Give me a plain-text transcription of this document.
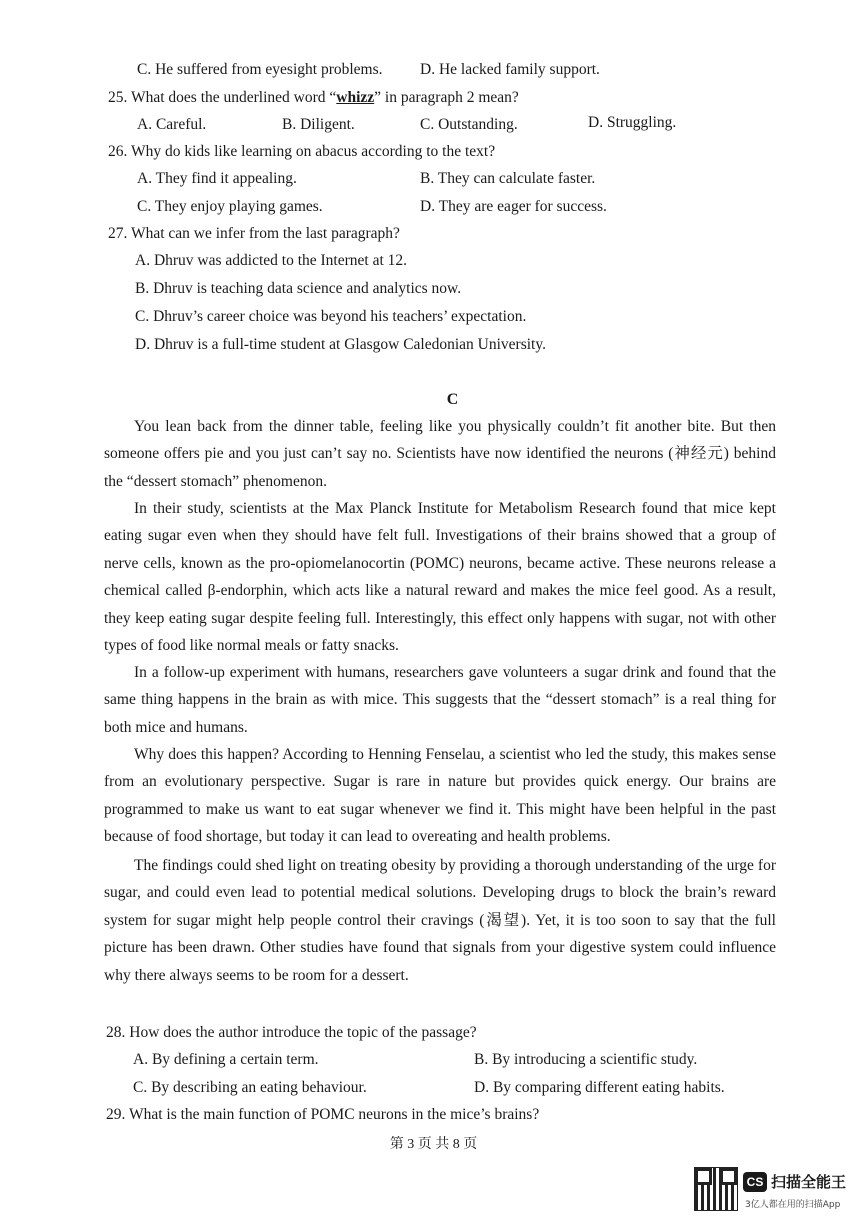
C. He suffered from eyesight problems. D. He lacked family support.
25. What does the underlined word “whizz” in paragraph 2 mean?
A. Careful.	B. Diligent.	C. Outstanding.	D. Struggling.
26. Why do kids like learning on abacus according to the text?
A. They find it appealing.	B. They can calculate faster.
C. They enjoy playing games.	D. They are eager for success.
27. What can we infer from the last paragraph?
A. Dhruv was addicted to the Internet at 12.
B. Dhruv is teaching data science and analytics now.
C. Dhruv’s career choice was beyond his teachers’ expectation.
D. Dhruv is a full-time student at Glasgow Caledonian University.
C
You lean back from the dinner table, feeling like you physically couldn’t fit another bite. But then someone offers pie and you just can’t say no. Scientists have now identified the neurons (神经元) behind the “dessert stomach” phenomenon.
In their study, scientists at the Max Planck Institute for Metabolism Research found that mice kept eating sugar even when they should have felt full. Investigations of their brains showed that a group of nerve cells, known as the pro-opiomelanocortin (POMC) neurons, became active. These neurons release a chemical called β-endorphin, which acts like a natural reward and makes the mice feel good. As a result, they keep eating sugar despite feeling full. Interestingly, this effect only happens with sugar, not with other types of food like normal meals or fatty snacks.
In a follow-up experiment with humans, researchers gave volunteers a sugar drink and found that the same thing happens in the brain as with mice. This suggests that the “dessert stomach” is a real thing for both mice and humans.
Why does this happen? According to Henning Fenselau, a scientist who led the study, this makes sense from an evolutionary perspective. Sugar is rare in nature but provides quick energy. Our brains are programmed to make us want to eat sugar whenever we find it. This might have been helpful in the past because of food shortage, but today it can lead to overeating and health problems.
The findings could shed light on treating obesity by providing a thorough understanding of the urge for sugar, and could even lead to potential medical solutions. Developing drugs to block the brain’s reward system for sugar might help people control their cravings (渴望). Yet, it is too soon to say that the full picture has been drawn. Other studies have found that signals from your digestive system could influence why there always seems to be room for a dessert.
28. How does the author introduce the topic of the passage?
A. By defining a certain term.	B. By introducing a scientific study.
C. By describing an eating behaviour.	D. By comparing different eating habits.
29. What is the main function of POMC neurons in the mice’s brains?
第 3 页 共 8 页
CS 扫描全能王
3亿人都在用的扫描App
